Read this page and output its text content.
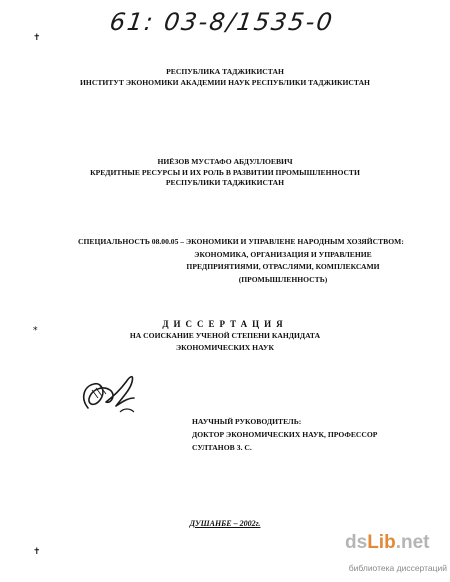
61: 03-8/1535-0
✝
РЕСПУБЛИКА ТАДЖИКИСТАН
ИНСТИТУТ ЭКОНОМИКИ АКАДЕМИИ НАУК РЕСПУБЛИКИ ТАДЖИКИСТАН
НИЁЗОВ МУСТАФО АБДУЛЛОЕВИЧ
КРЕДИТНЫЕ РЕСУРСЫ И ИХ РОЛЬ В РАЗВИТИИ ПРОМЫШЛЕННОСТИ
РЕСПУБЛИКИ ТАДЖИКИСТАН
СПЕЦИАЛЬНОСТЬ 08.00.05 – ЭКОНОМИКИ И УПРАВЛЕНЕ НАРОДНЫМ ХОЗЯЙСТВОМ:
ЭКОНОМИКА, ОРГАНИЗАЦИЯ И УПРАВЛЕНИЕ
ПРЕДПРИЯТИЯМИ, ОТРАСЛЯМИ, КОМПЛЕКСАМИ
(ПРОМЫШЛЕННОСТЬ)
⁎	ДИССЕРТАЦИЯ
НА СОИСКАНИЕ УЧЕНОЙ СТЕПЕНИ КАНДИДАТА
ЭКОНОМИЧЕСКИХ НАУК
НАУЧНЫЙ РУКОВОДИТЕЛЬ:
ДОКТОР ЭКОНОМИЧЕСКИХ НАУК, ПРОФЕССОР
СУЛТАНОВ З. С.
ДУШАНБЕ – 2002г.
✝	dsLib.net
библиотека диссертаций
